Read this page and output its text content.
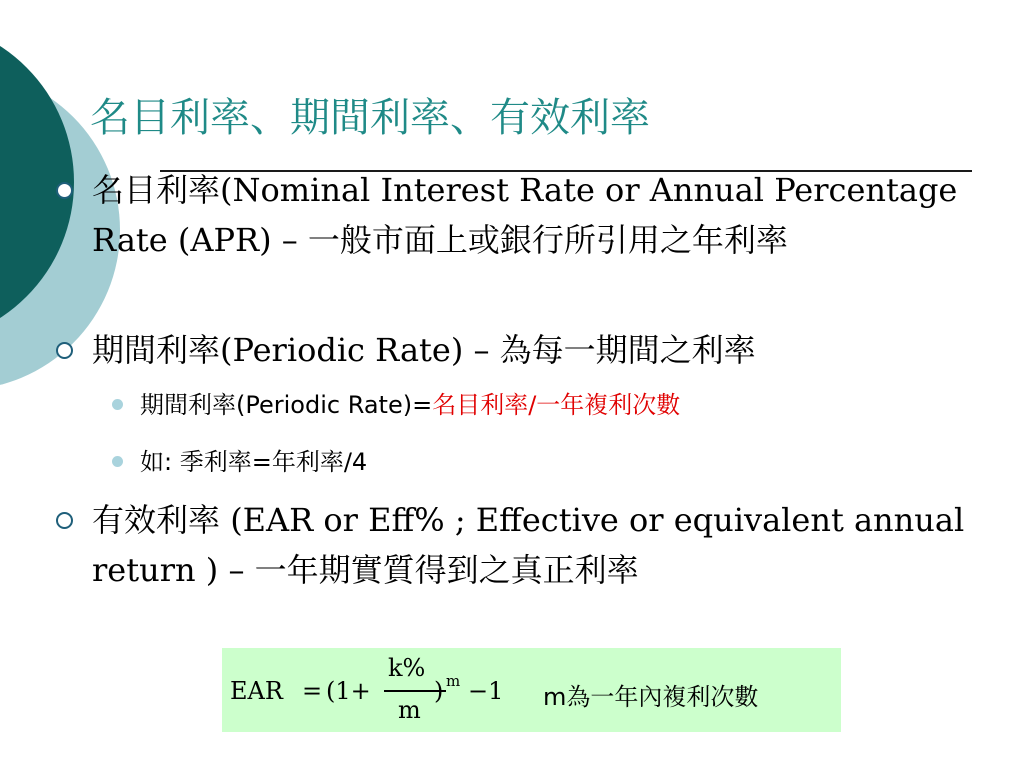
名目利率、期間利率、有效利率
名目利率(Nominal Interest Rate or Annual Percentage Rate (APR) – 一般市面上或銀行所引用之年利率
期間利率(Periodic Rate) – 為每一期間之利率
期間利率(Periodic Rate)=名目利率/一年複利次數
如: 季利率=年利率/4
有效利率 (EAR or Eff% ; Effective or equivalent annual return ) – 一年期實質得到之真正利率
EAR = (1+
k%
m
) m −1 m為一年內複利次數
